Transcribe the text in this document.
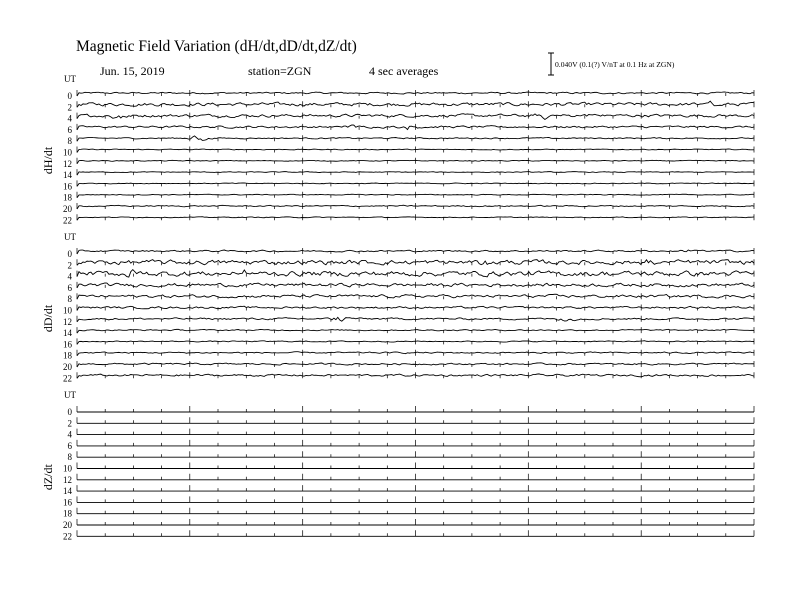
Magnetic Field Variation (dH/dt,dD/dt,dZ/dt)
Jun. 15, 2019	station=ZGN	4 sec averages	0.040V (0.1(?) V/nT at 0.1 Hz at ZGN)
UT
dH/dt
0
2
4
6
8
10
12
14
16
18
20
22
UT
dD/dt
0
2
4
6
8
10
12
14
16
18
20
22
UT
dZ/dt
0
2
4
6
8
10
12
14
16
18
20
22
